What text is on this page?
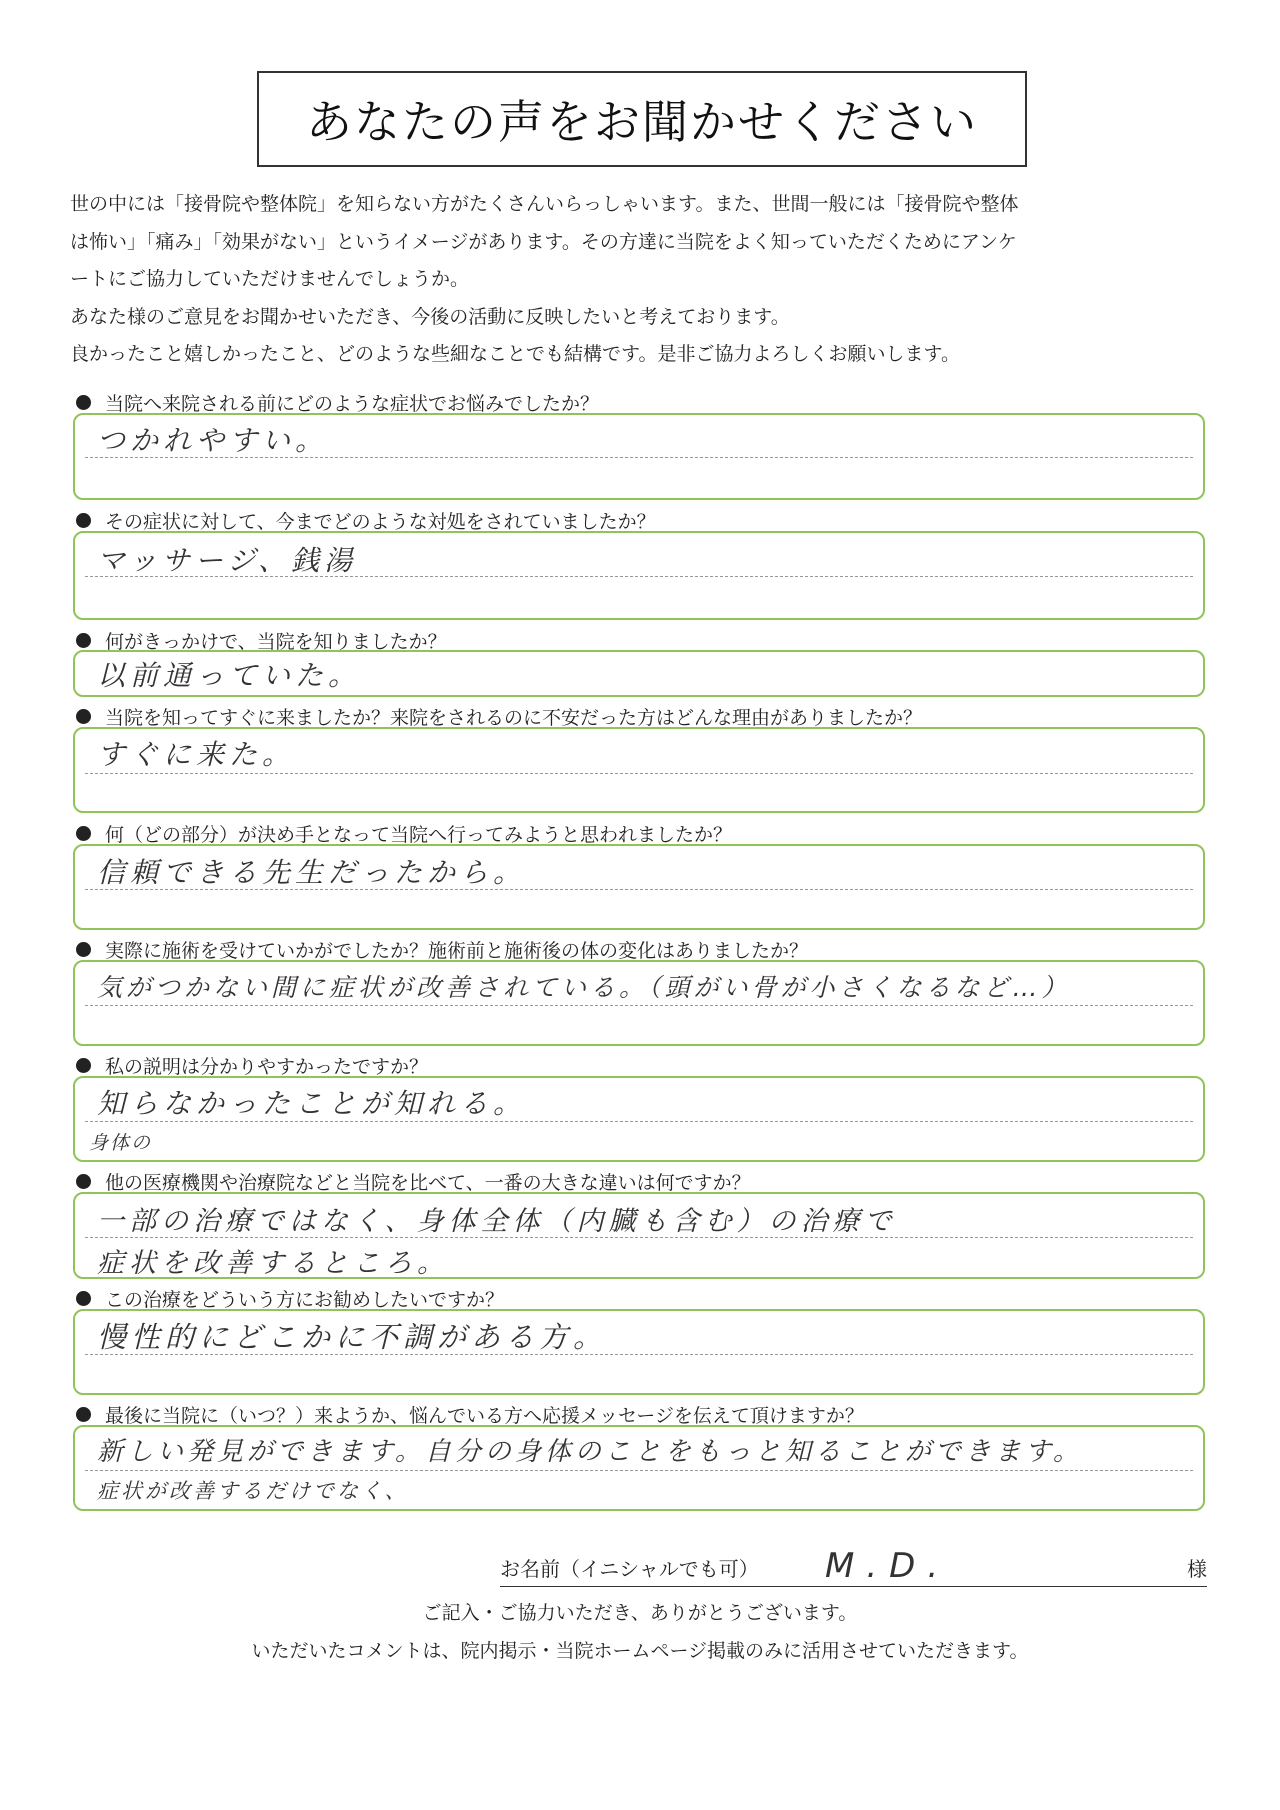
あなたの声をお聞かせください
世の中には「接骨院や整体院」を知らない方がたくさんいらっしゃいます。また、世間一般には「接骨院や整体
は怖い」「痛み」「効果がない」というイメージがあります。その方達に当院をよく知っていただくためにアンケ
ートにご協力していただけませんでしょうか。
あなた様のご意見をお聞かせいただき、今後の活動に反映したいと考えております。
良かったこと嬉しかったこと、どのような些細なことでも結構です。是非ご協力よろしくお願いします。
当院へ来院される前にどのような症状でお悩みでしたか？
つかれやすい。
その症状に対して、今までどのような対処をされていましたか？
マッサージ、銭湯
何がきっかけで、当院を知りましたか？
以前通っていた。
当院を知ってすぐに来ましたか？来院をされるのに不安だった方はどんな理由がありましたか？
すぐに来た。
何（どの部分）が決め手となって当院へ行ってみようと思われましたか？
信頼できる先生だったから。
実際に施術を受けていかがでしたか？施術前と施術後の体の変化はありましたか？
気がつかない間に症状が改善されている。（頭がい骨が小さくなるなど…）
私の説明は分かりやすかったですか？
知らなかったことが知れる。
身体の
他の医療機関や治療院などと当院を比べて、一番の大きな違いは何ですか？
一部の治療ではなく、身体全体（内臓も含む）の治療で
症状を改善するところ。
この治療をどういう方にお勧めしたいですか？
慢性的にどこかに不調がある方。
最後に当院に（いつ？）来ようか、悩んでいる方へ応援メッセージを伝えて頂けますか？
新しい発見ができます。自分の身体のことをもっと知ることができます。
症状が改善するだけでなく、
お名前（イニシャルでも可） M.D.	様
ご記入・ご協力いただき、ありがとうございます。
いただいたコメントは、院内掲示・当院ホームページ掲載のみに活用させていただきます。
